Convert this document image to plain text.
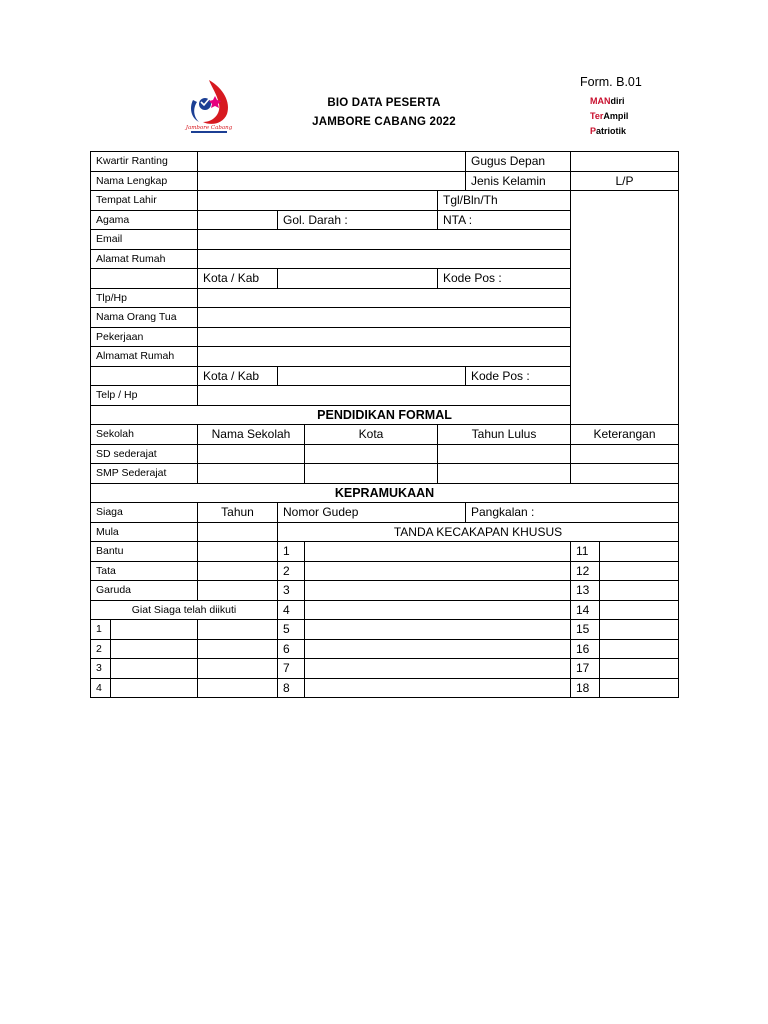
Jambore Cabang
BIO DATA PESERTA
JAMBORE CABANG 2022
Form. B.01
MANdiri
TerAmpil
Patriotik
Kwartir Ranting						Gugus Depan		
Nama Lengkap						Jenis Kelamin	L/P	
Tempat Lahir					Tgl/Bln/Th			
Agama			Gol. Darah :		NTA :			
Email								
Alamat Rumah								
		Kota / Kab			Kode Pos :			
Tlp/Hp								
Nama Orang Tua								
Pekerjaan								
Almamat Rumah								
		Kota / Kab				Kode Pos :		
Telp / Hp								
PENDIDIKAN FORMAL								
Sekolah		Nama Sekolah		Kota	Tahun Lulus		Keterangan	
SD sederajat								
SMP Sederajat								
KEPRAMUKAAN								
Siaga		Tahun	Nomor Gudep			Pangkalan :		
Mula			TANDA KECAKAPAN KHUSUS					
Bantu			1				11	
Tata			2				12	
Garuda			3				13	
Giat Siaga telah diikuti			4				14	
1			5				15	
2			6				16	
3			7				17	
4			8				18	
